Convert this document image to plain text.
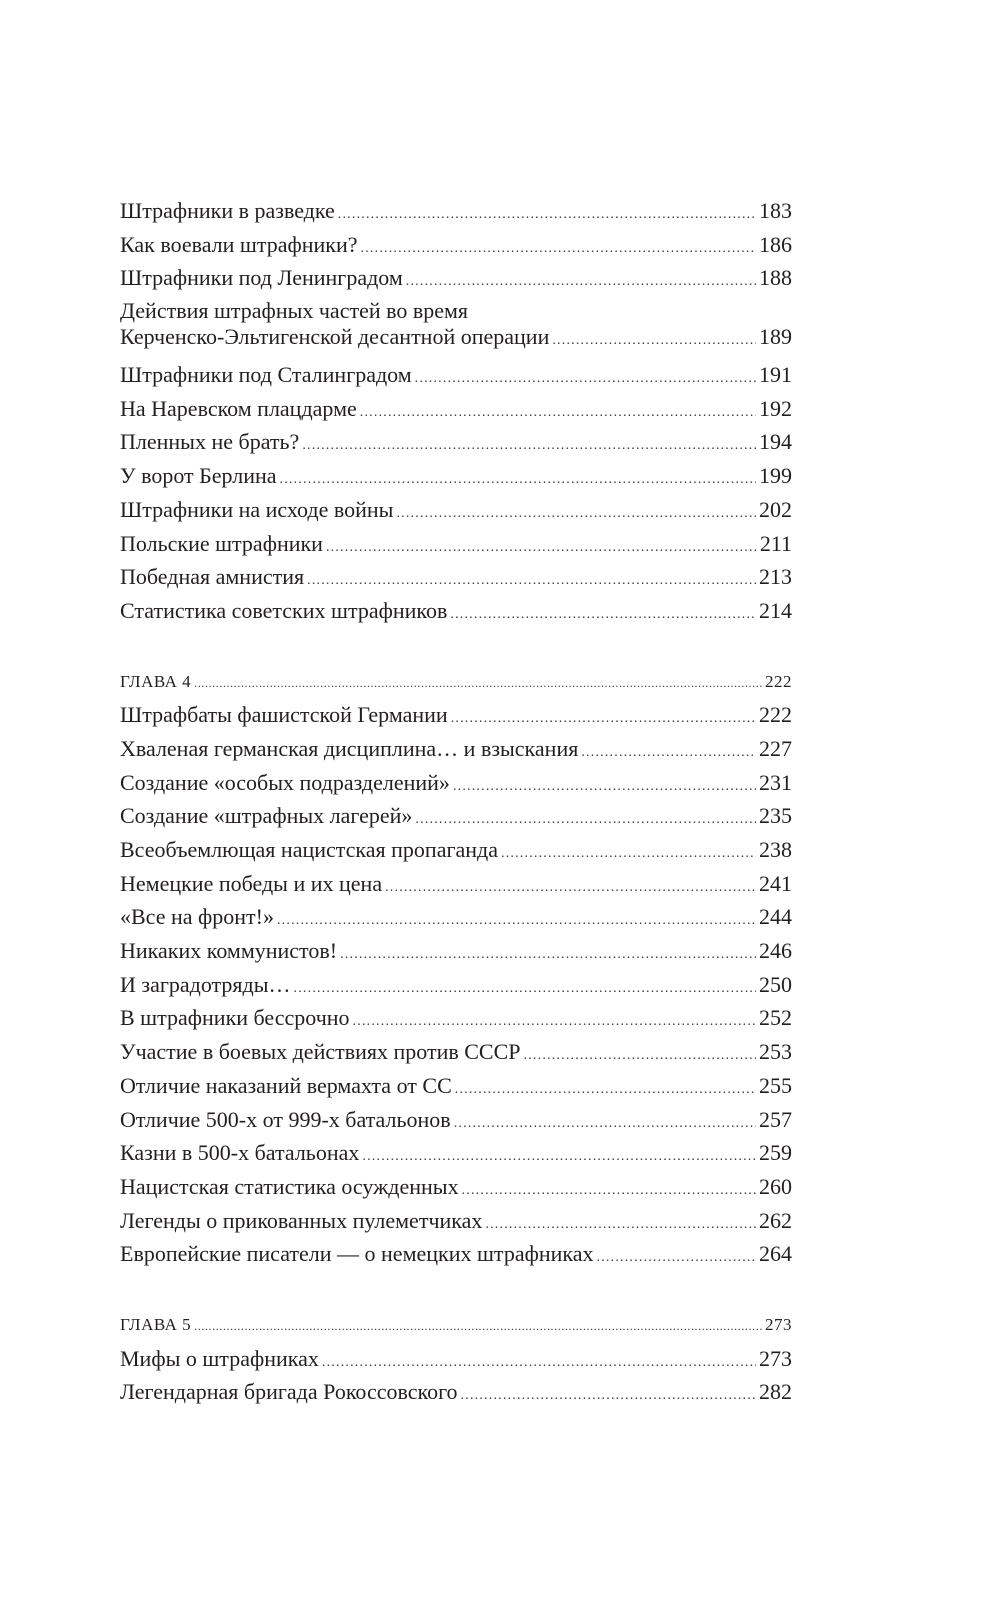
Штрафники в разведке .....	183
Как воевали штрафники? .....	186
Штрафники под Ленинградом .....	188
Действия штрафных частей во время
Керченско-Эльтигенской десантной операции .....	189
Штрафники под Сталинградом .....	191
На Наревском плацдарме .....	192
Пленных не брать? .....	194
У ворот Берлина .....	199
Штрафники на исходе войны .....	202
Польские штрафники .....	211
Победная амнистия .....	213
Статистика советских штрафников .....	214
ГЛАВА 4 .....	222
Штрафбаты фашистской Германии .....	222
Хваленая германская дисциплина… и взыскания .....	227
Создание «особых подразделений» .....	231
Создание «штрафных лагерей» .....	235
Всеобъемлющая нацистская пропаганда .....	238
Немецкие победы и их цена .....	241
«Все на фронт!» .....	244
Никаких коммунистов! .....	246
И заградотряды… .....	250
В штрафники бессрочно .....	252
Участие в боевых действиях против СССР .....	253
Отличие наказаний вермахта от СС .....	255
Отличие 500-х от 999-х батальонов .....	257
Казни в 500-х батальонах .....	259
Нацистская статистика осужденных .....	260
Легенды о прикованных пулеметчиках .....	262
Европейские писатели — о немецких штрафниках .....	264
ГЛАВА 5 .....	273
Мифы о штрафниках .....	273
Легендарная бригада Рокоссовского .....	282
